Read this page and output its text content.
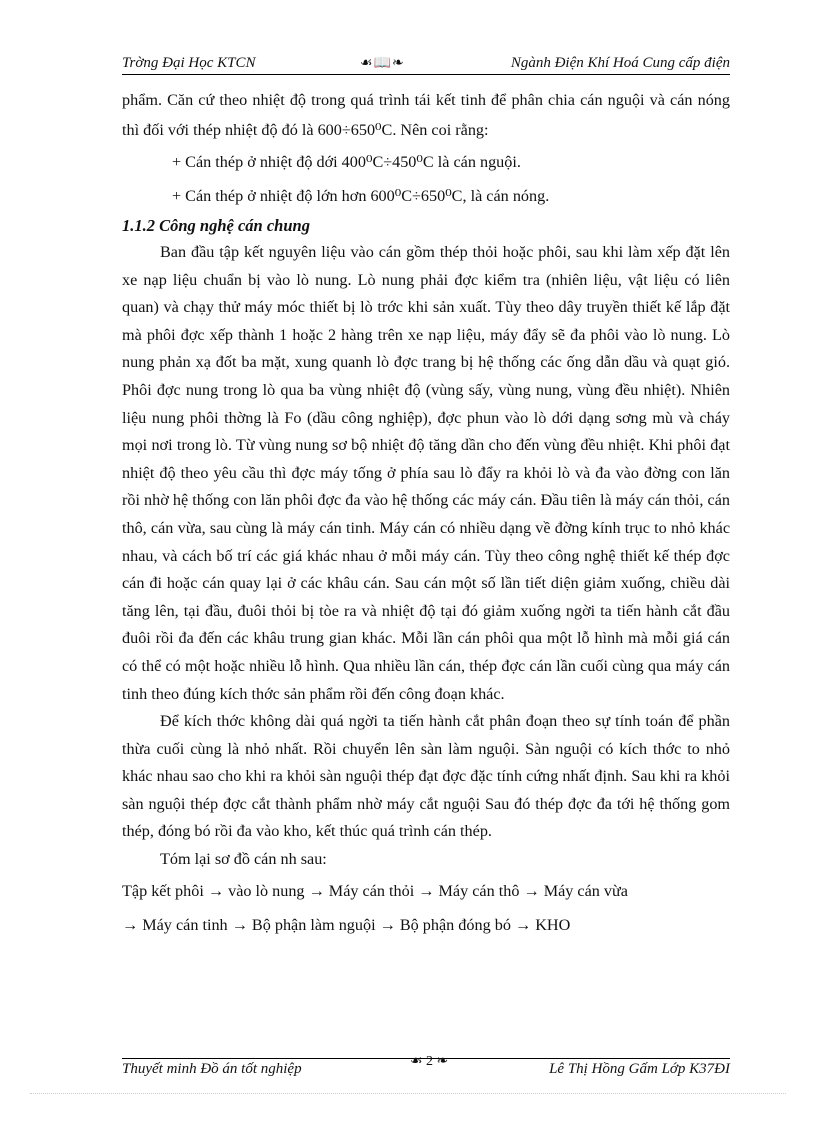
Trờng Đại Học KTCN	☙📖❧	Ngành Điện Khí Hoá Cung cấp điện

phẩm. Căn cứ theo nhiệt độ trong quá trình tái kết tinh để phân chia cán nguội và cán nóng thì đối với thép nhiệt độ đó là 600÷650⁰C. Nên coi rằng:

+ Cán thép ở nhiệt độ dới 400⁰C÷450⁰C là cán nguội.

+ Cán thép ở nhiệt độ lớn hơn 600⁰C÷650⁰C, là cán nóng.

1.1.2 Công nghệ cán chung

Ban đầu tập kết nguyên liệu vào cán gồm thép thỏi hoặc phôi, sau khi làm xếp đặt lên xe nạp liệu chuẩn bị vào lò nung. Lò nung phải đợc kiểm tra (nhiên liệu, vật liệu có liên quan) và chạy thử máy móc thiết bị lò trớc khi sản xuất. Tùy theo dây truyền thiết kế lắp đặt mà phôi đợc xếp thành 1 hoặc 2 hàng trên xe nạp liệu, máy đẩy sẽ đa phôi vào lò nung. Lò nung phản xạ đốt ba mặt, xung quanh lò đợc trang bị hệ thống các ống dẫn dầu và quạt gió. Phôi đợc nung trong lò qua ba vùng nhiệt độ (vùng sấy, vùng nung, vùng đều nhiệt). Nhiên liệu nung phôi thờng là Fo (dầu công nghiệp), đợc phun vào lò dới dạng sơng mù và cháy mọi nơi trong lò. Từ vùng nung sơ bộ nhiệt độ tăng dần cho đến vùng đều nhiệt. Khi phôi đạt nhiệt độ theo yêu cầu thì đợc máy tống ở phía sau lò đẩy ra khỏi lò và đa vào đờng con lăn rồi nhờ hệ thống con lăn phôi đợc đa vào hệ thống các máy cán. Đầu tiên là máy cán thỏi, cán thô, cán vừa, sau cùng là máy cán tinh. Máy cán có nhiều dạng về đờng kính trục to nhỏ khác nhau, và cách bố trí các giá khác nhau ở mỗi máy cán. Tùy theo công nghệ thiết kế thép đợc cán đi hoặc cán quay lại ở các khâu cán. Sau cán một số lần tiết diện giảm xuống, chiều dài tăng lên, tại đầu, đuôi thỏi bị tòe ra và nhiệt độ tại đó giảm xuống ngời ta tiến hành cắt đầu đuôi rồi đa đến các khâu trung gian khác. Mỗi lần cán phôi qua một lỗ hình mà mỗi giá cán có thể có một hoặc nhiều lỗ hình. Qua nhiều lần cán, thép đợc cán lần cuối cùng qua máy cán tinh theo đúng kích thớc sản phẩm rồi đến công đoạn khác.

Để kích thớc không dài quá ngời ta tiến hành cắt phân đoạn theo sự tính toán để phần thừa cuối cùng là nhỏ nhất. Rồi chuyển lên sàn làm nguội. Sàn nguội có kích thớc to nhỏ khác nhau sao cho khi ra khỏi sàn nguội thép đạt đợc đặc tính cứng nhất định. Sau khi ra khỏi sàn nguội thép đợc cắt thành phẩm nhờ máy cắt nguội Sau đó thép đợc đa tới hệ thống gom thép, đóng bó rồi đa vào kho, kết thúc quá trình cán thép.

Tóm lại sơ đồ cán nh sau:

Tập kết phôi → vào lò nung → Máy cán thỏi → Máy cán thô → Máy cán vừa

→ Máy cán tinh → Bộ phận làm nguội → Bộ phận đóng bó → KHO

Thuyết minh Đồ án tốt nghiệp	☙ 2 ❧	Lê Thị Hồng Gấm Lớp K37ĐI
